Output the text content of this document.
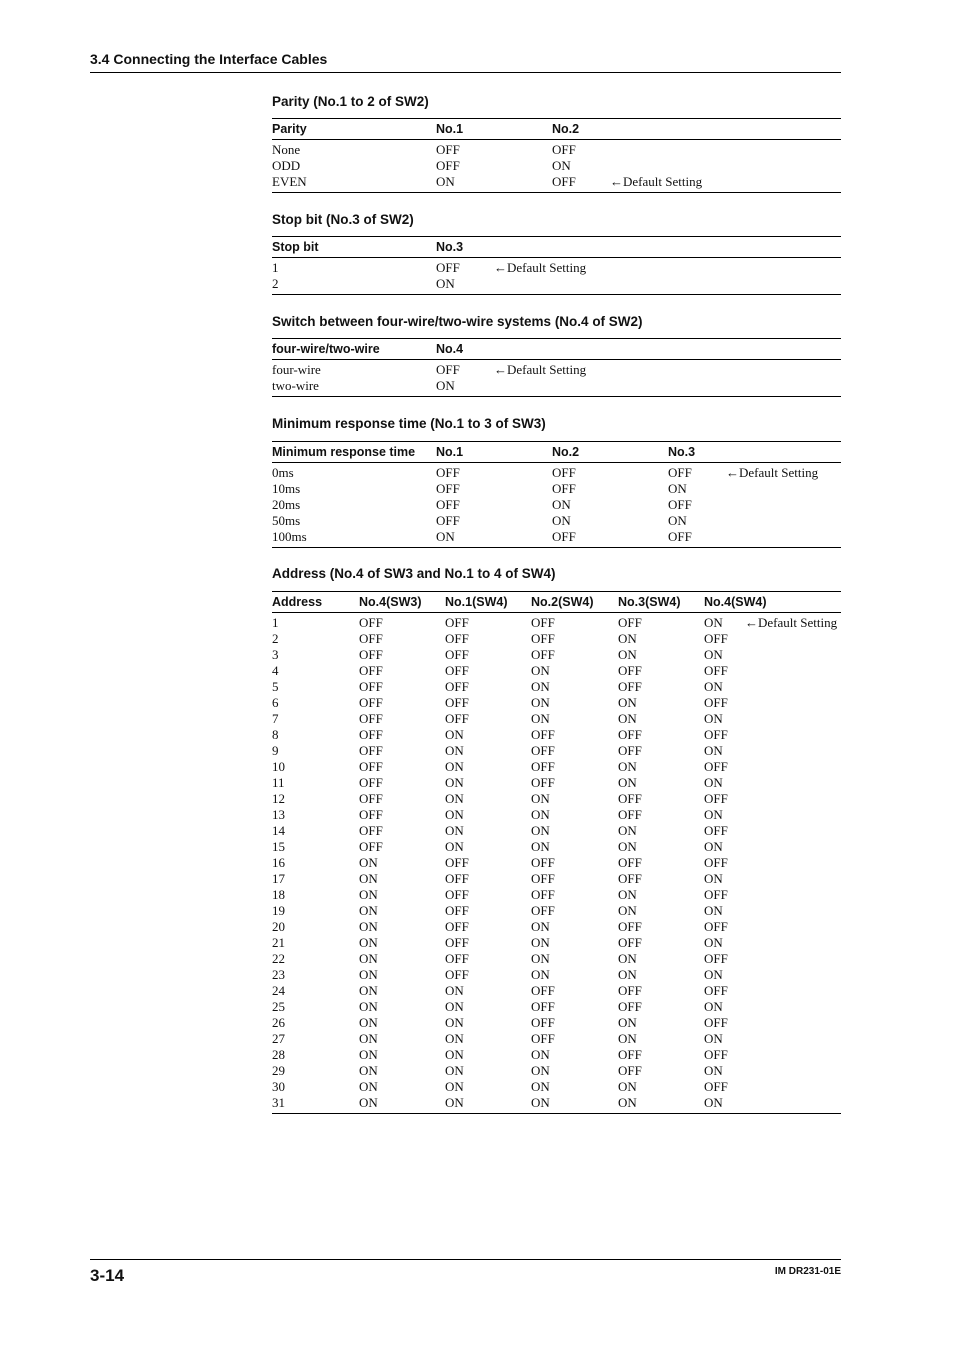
3.4 Connecting the Interface Cables
Parity (No.1 to 2 of SW2)
Parity	No.1	No.2	
None	OFF	OFF	
ODD	OFF	ON	
EVEN	ON	OFF	←Default Setting
Stop bit (No.3 of SW2)
Stop bit	No.3	
1	OFF	←Default Setting
2	ON	
Switch between four-wire/two-wire systems (No.4 of SW2)
four-wire/two-wire	No.4	
four-wire	OFF	←Default Setting
two-wire	ON	
Minimum response time (No.1 to 3 of SW3)
Minimum response time	No.1	No.2	No.3	
0ms	OFF	OFF	OFF	←Default Setting
10ms	OFF	OFF	ON	
20ms	OFF	ON	OFF	
50ms	OFF	ON	ON	
100ms	ON	OFF	OFF	
Address (No.4 of SW3 and No.1 to 4 of SW4)
Address	No.4(SW3)	No.1(SW4)	No.2(SW4)	No.3(SW4)	No.4(SW4)	
1	OFF	OFF	OFF	OFF	ON	←Default Setting
2	OFF	OFF	OFF	ON	OFF	
3	OFF	OFF	OFF	ON	ON	
4	OFF	OFF	ON	OFF	OFF	
5	OFF	OFF	ON	OFF	ON	
6	OFF	OFF	ON	ON	OFF	
7	OFF	OFF	ON	ON	ON	
8	OFF	ON	OFF	OFF	OFF	
9	OFF	ON	OFF	OFF	ON	
10	OFF	ON	OFF	ON	OFF	
11	OFF	ON	OFF	ON	ON	
12	OFF	ON	ON	OFF	OFF	
13	OFF	ON	ON	OFF	ON	
14	OFF	ON	ON	ON	OFF	
15	OFF	ON	ON	ON	ON	
16	ON	OFF	OFF	OFF	OFF	
17	ON	OFF	OFF	OFF	ON	
18	ON	OFF	OFF	ON	OFF	
19	ON	OFF	OFF	ON	ON	
20	ON	OFF	ON	OFF	OFF	
21	ON	OFF	ON	OFF	ON	
22	ON	OFF	ON	ON	OFF	
23	ON	OFF	ON	ON	ON	
24	ON	ON	OFF	OFF	OFF	
25	ON	ON	OFF	OFF	ON	
26	ON	ON	OFF	ON	OFF	
27	ON	ON	OFF	ON	ON	
28	ON	ON	ON	OFF	OFF	
29	ON	ON	ON	OFF	ON	
30	ON	ON	ON	ON	OFF	
31	ON	ON	ON	ON	ON	
3-14	IM DR231-01E
